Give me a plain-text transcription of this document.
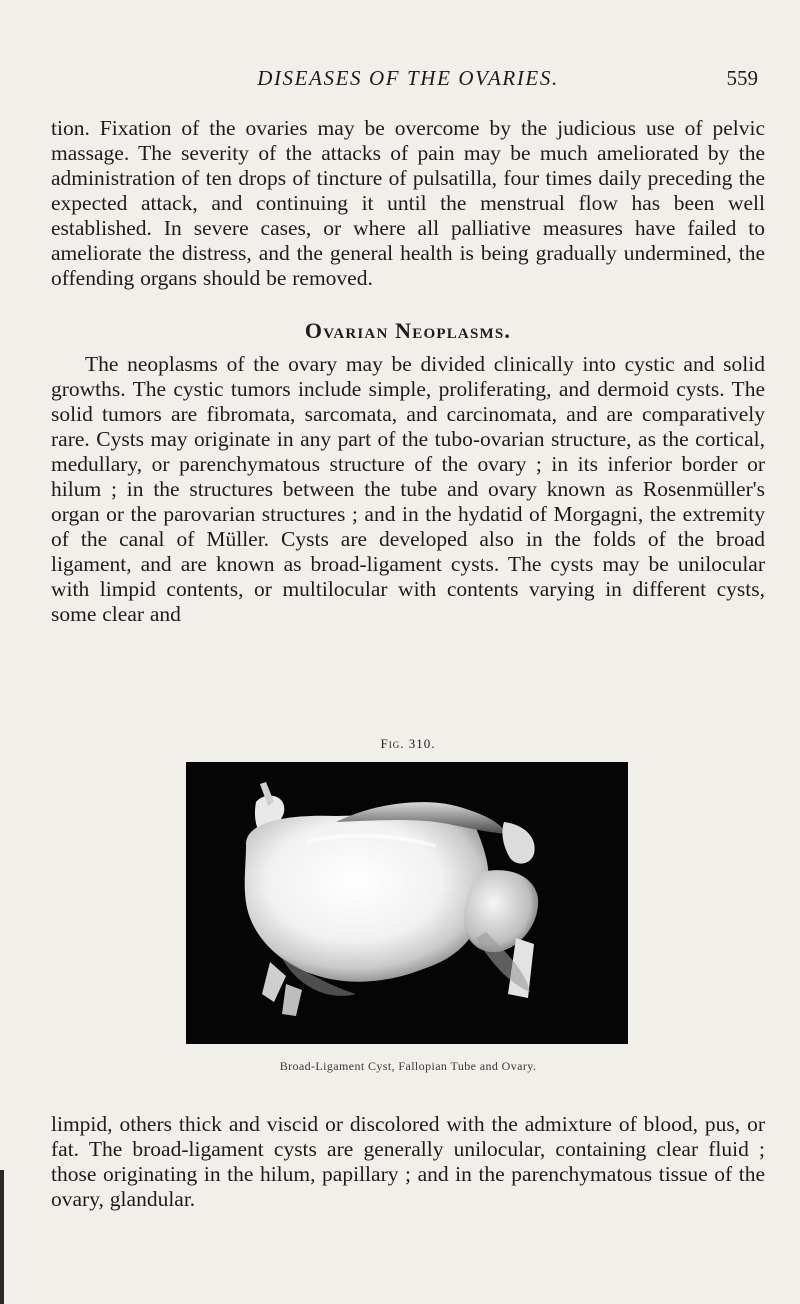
DISEASES OF THE OVARIES.	559

tion. Fixation of the ovaries may be overcome by the judicious use of pelvic massage. The severity of the attacks of pain may be much ameliorated by the administration of ten drops of tincture of pulsatilla, four times daily preceding the expected attack, and continuing it until the menstrual flow has been well established. In severe cases, or where all palliative measures have failed to ameliorate the distress, and the general health is being gradually undermined, the offending organs should be removed.

Ovarian Neoplasms.

The neoplasms of the ovary may be divided clinically into cystic and solid growths. The cystic tumors include simple, proliferating, and dermoid cysts. The solid tumors are fibromata, sarcomata, and carcinomata, and are comparatively rare. Cysts may originate in any part of the tubo-ovarian structure, as the cortical, medullary, or parenchymatous structure of the ovary ; in its inferior border or hilum ; in the structures between the tube and ovary known as Rosenmüller's organ or the parovarian structures ; and in the hydatid of Morgagni, the extremity of the canal of Müller. Cysts are developed also in the folds of the broad ligament, and are known as broad-ligament cysts. The cysts may be unilocular with limpid contents, or multilocular with contents varying in different cysts, some clear and

Fig. 310.
Broad-Ligament Cyst, Fallopian Tube and Ovary.

limpid, others thick and viscid or discolored with the admixture of blood, pus, or fat. The broad-ligament cysts are generally unilocular, containing clear fluid ; those originating in the hilum, papillary ; and in the parenchymatous tissue of the ovary, glandular.
